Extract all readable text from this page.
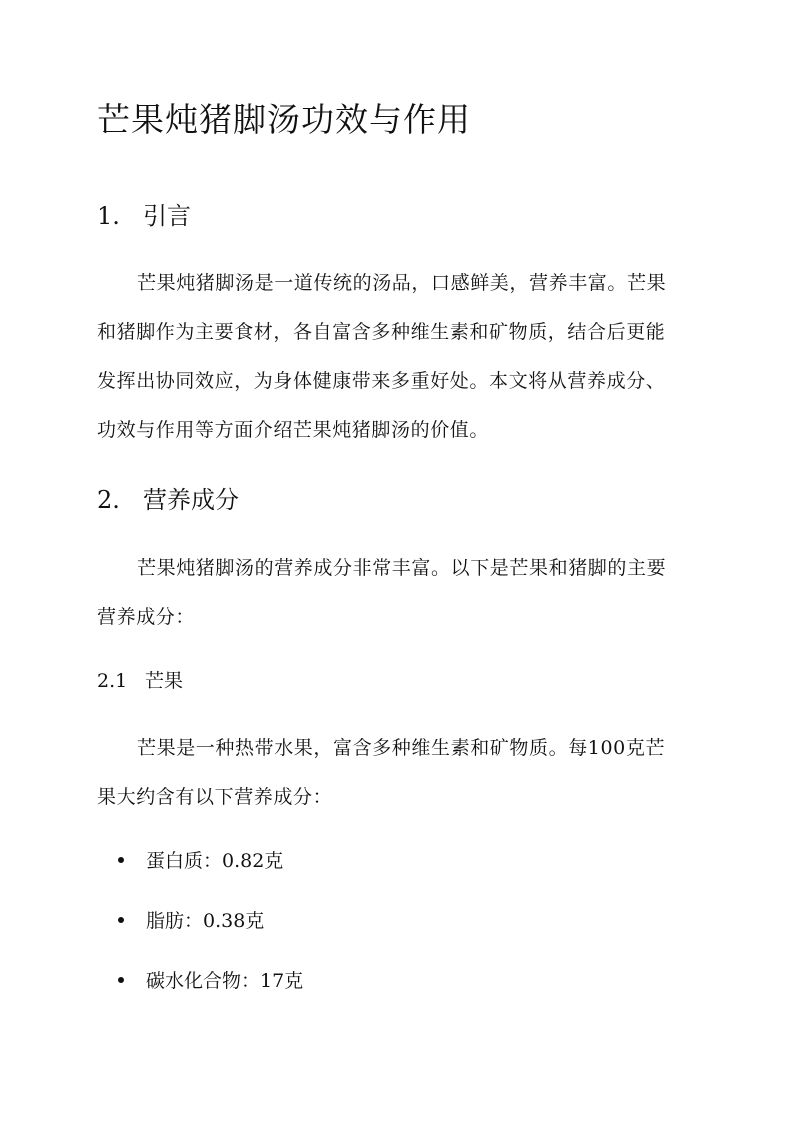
芒果炖猪脚汤功效与作用
1. 引言
芒果炖猪脚汤是一道传统的汤品，口感鲜美，营养丰富。芒果
和猪脚作为主要食材，各自富含多种维生素和矿物质，结合后更能
发挥出协同效应，为身体健康带来多重好处。本文将从营养成分、
功效与作用等方面介绍芒果炖猪脚汤的价值。
2. 营养成分
芒果炖猪脚汤的营养成分非常丰富。以下是芒果和猪脚的主要
营养成分：
2.1 芒果
芒果是一种热带水果，富含多种维生素和矿物质。每100克芒
果大约含有以下营养成分：
蛋白质：0.82克
脂肪：0.38克
碳水化合物：17克
